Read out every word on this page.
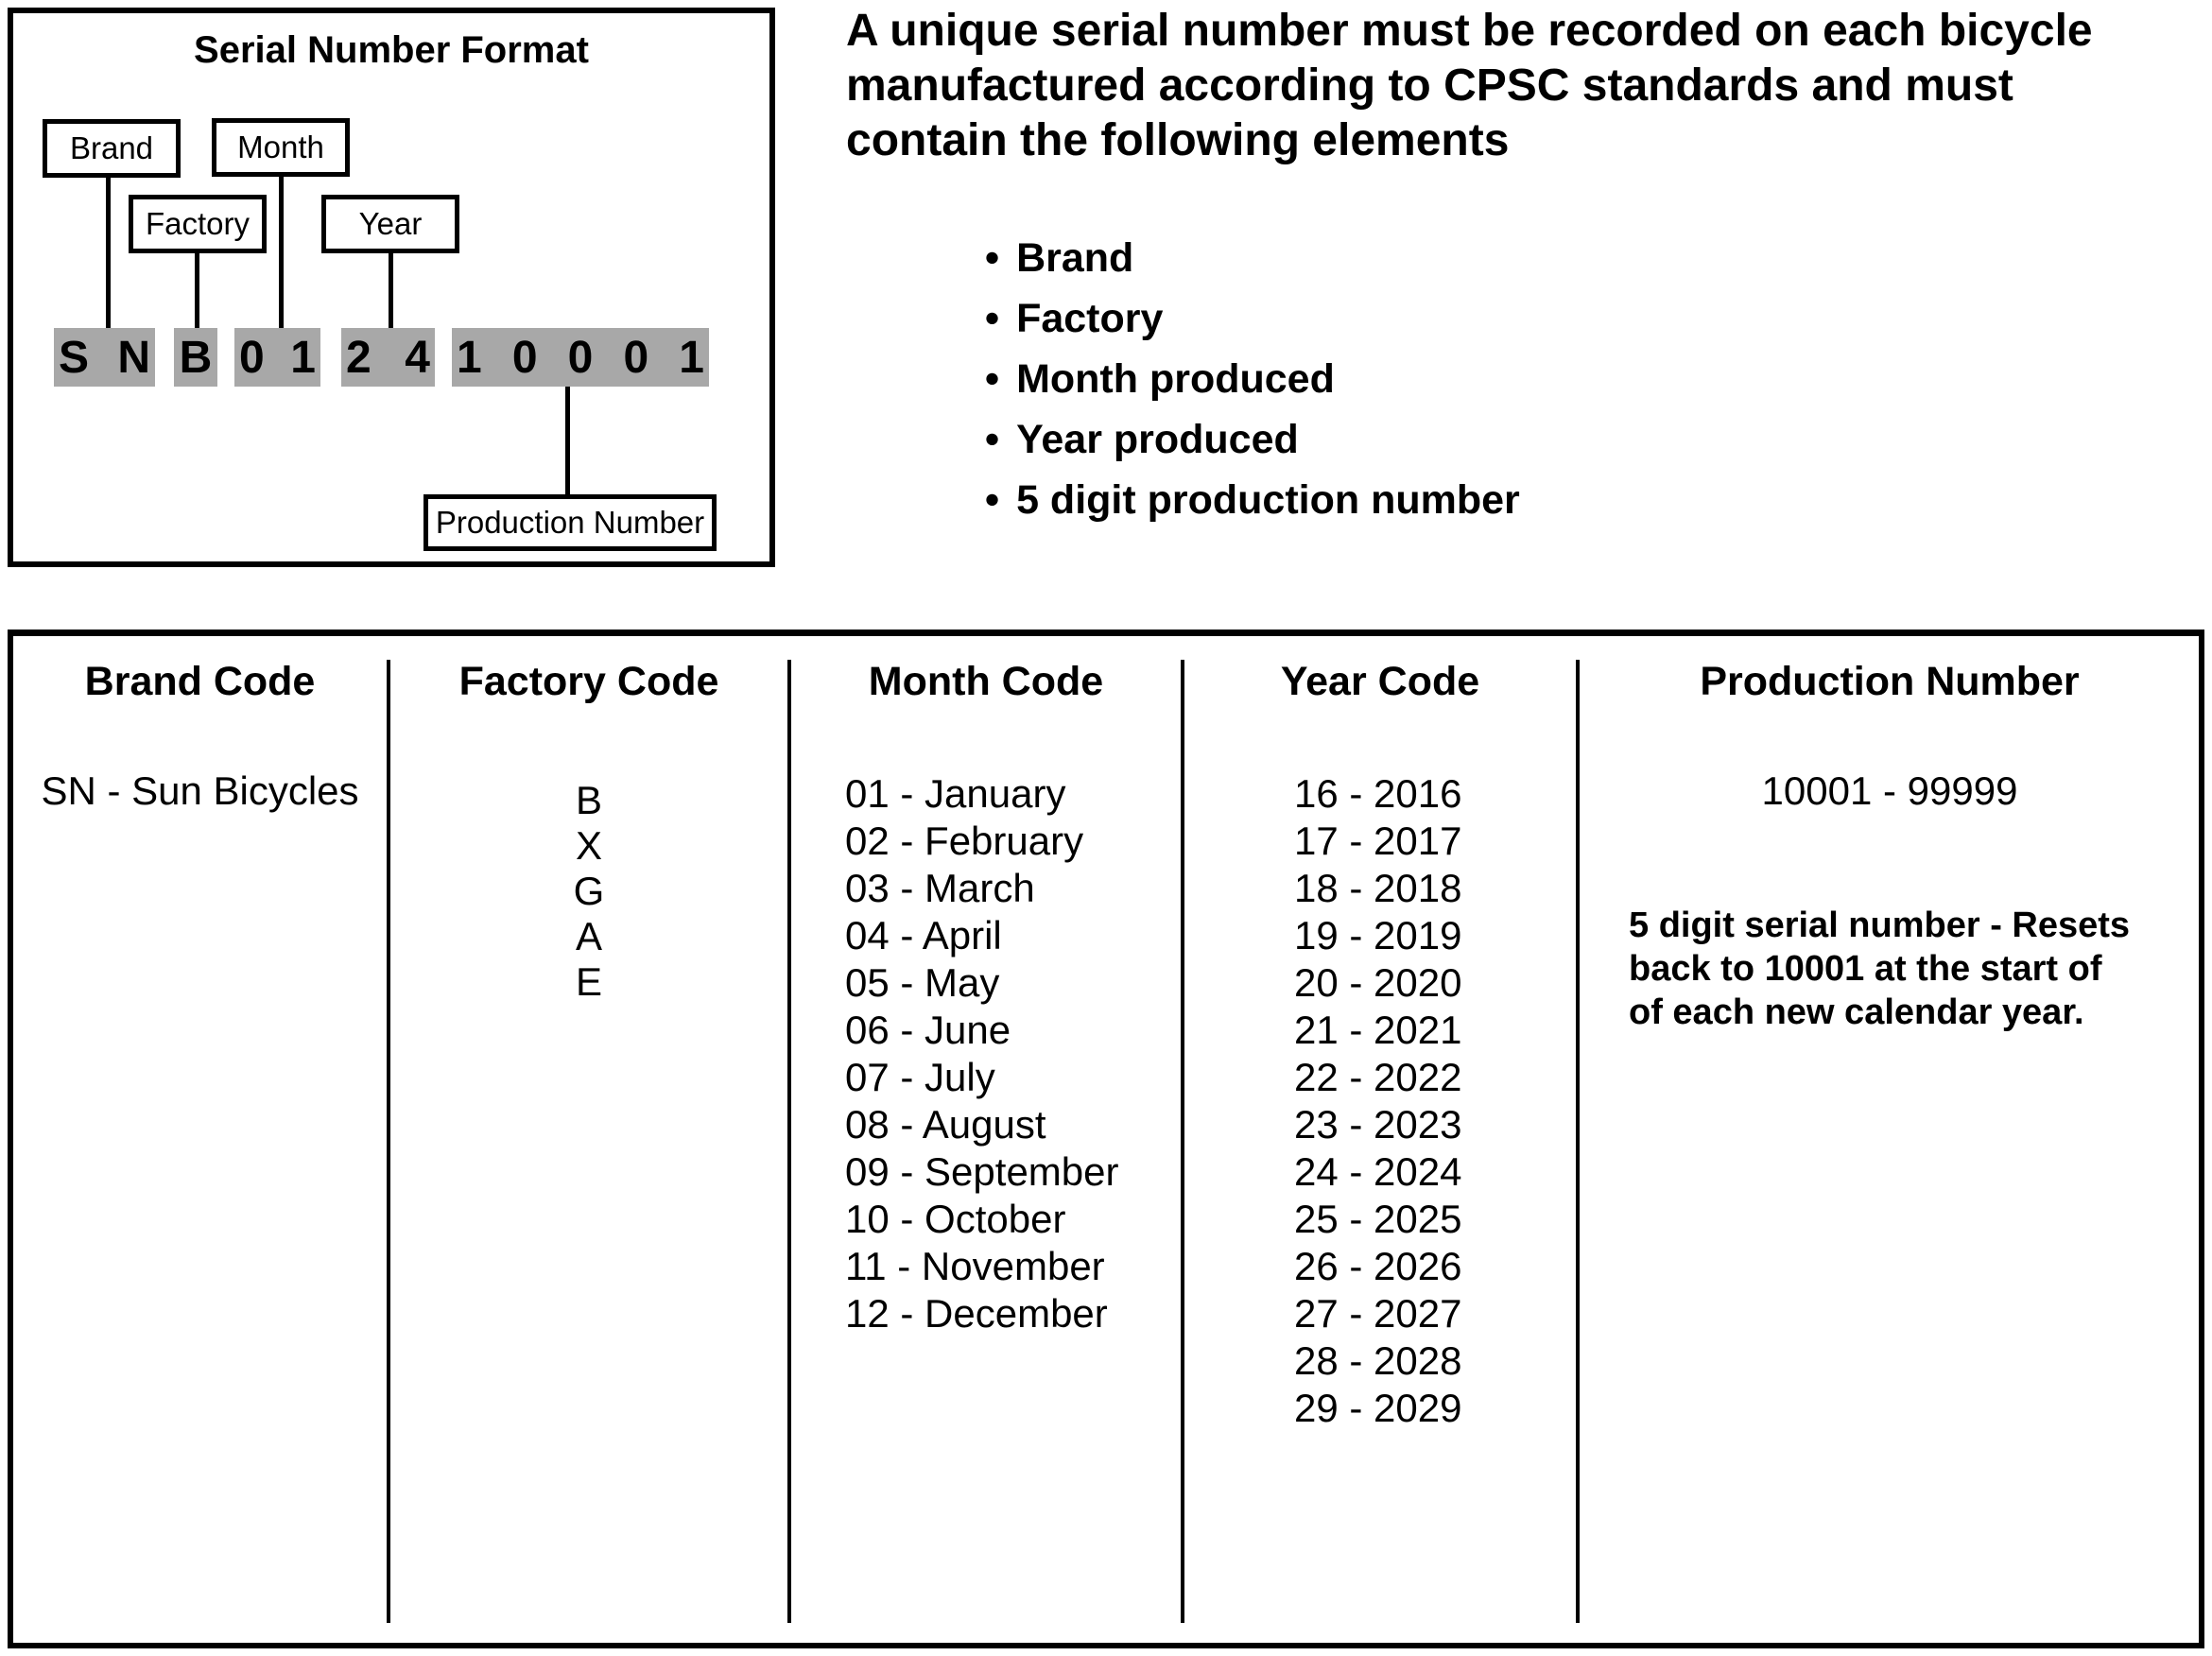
Serial Number Format
Brand	Month
Factory	Year
S N B 0 1 2 4 1 0 0 0 1
Production Number
A unique serial number must be recorded on each bicycle
manufactured according to CPSC standards and must
contain the following elements
• Brand
• Factory
• Month produced
• Year produced
• 5 digit production number
Brand Code
SN - Sun Bicycles
Factory Code
B
X
G
A
E
Month Code
01 - January
02 - February
03 - March
04 - April
05 - May
06 - June
07 - July
08 - August
09 - September
10 - October
11 - November
12 - December
Year Code
16 - 2016
17 - 2017
18 - 2018
19 - 2019
20 - 2020
21 - 2021
22 - 2022
23 - 2023
24 - 2024
25 - 2025
26 - 2026
27 - 2027
28 - 2028
29 - 2029
Production Number
10001 - 99999
5 digit serial number - Resets
back to 10001 at the start of
of each new calendar year.
